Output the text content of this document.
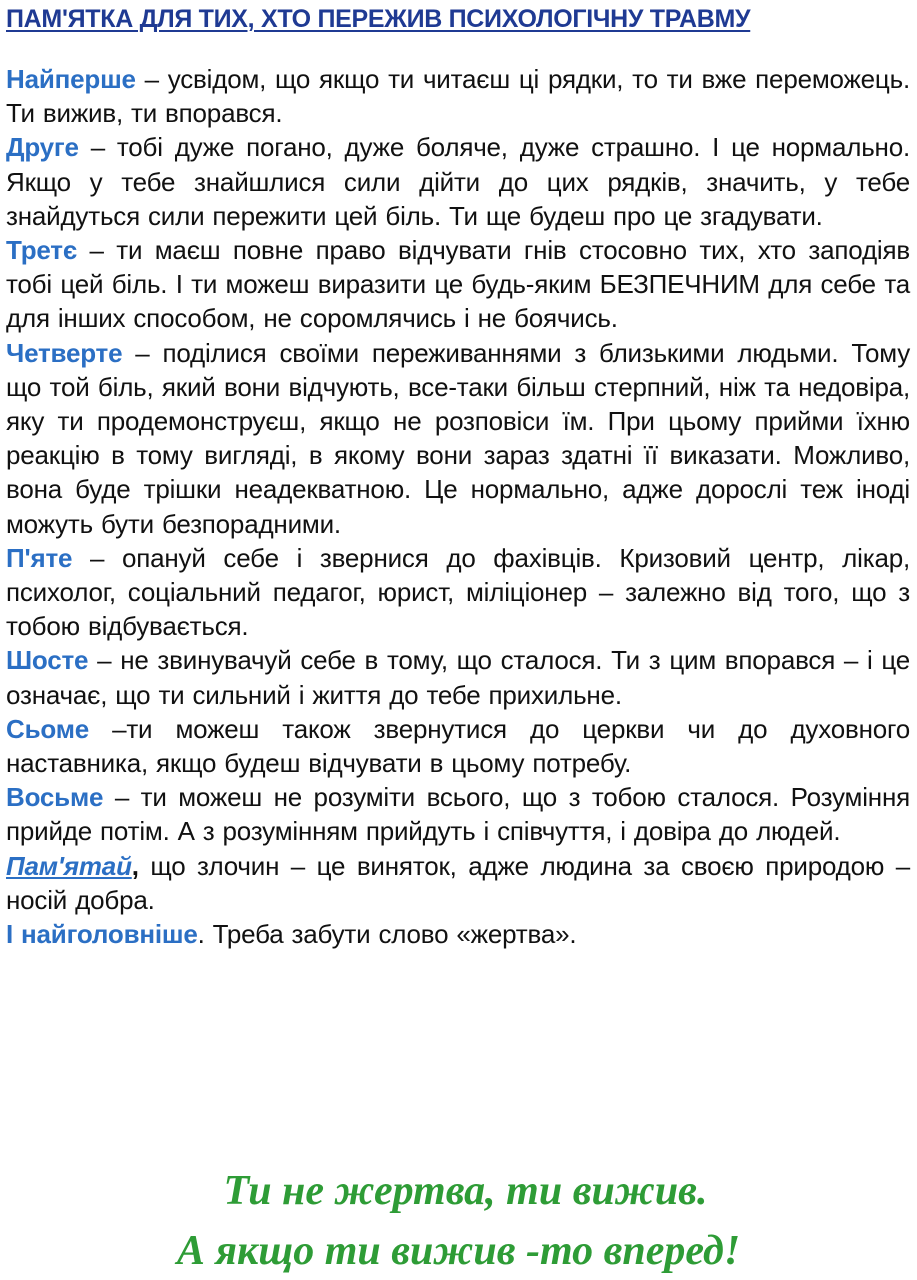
ПАМ'ЯТКА ДЛЯ ТИХ, ХТО ПЕРЕЖИВ ПСИХОЛОГІЧНУ ТРАВМУ

Найперше – усвідом, що якщо ти читаєш ці рядки, то ти вже переможець. Ти вижив, ти впорався.

Друге – тобі дуже погано, дуже боляче, дуже страшно. І це нормально. Якщо у тебе знайшлися сили дійти до цих рядків, значить, у тебе знайдуться сили пережити цей біль. Ти ще будеш про це згадувати.

Третє – ти маєш повне право відчувати гнів стосовно тих, хто заподіяв тобі цей біль. І ти можеш виразити це будь-яким БЕЗПЕЧНИМ для себе та для інших способом, не соромлячись і не боячись.

Четверте – поділися своїми переживаннями з близькими людьми. Тому що той біль, який вони відчують, все-таки більш стерпний, ніж та недовіра, яку ти продемонструєш, якщо не розповіси їм. При цьому прийми їхню реакцію в тому вигляді, в якому вони зараз здатні її виказати. Можливо, вона буде трішки неадекватною. Це нормально, адже дорослі теж іноді можуть бути безпорадними.

П'яте – опануй себе і звернися до фахівців. Кризовий центр, лікар, психолог, соціальний педагог, юрист, міліціонер – залежно від того, що з тобою відбувається.

Шосте – не звинувачуй себе в тому, що сталося. Ти з цим впорався – і це означає, що ти сильний і життя до тебе прихильне.

Сьоме –ти можеш також звернутися до церкви чи до духовного наставника, якщо будеш відчувати в цьому потребу.

Восьме – ти можеш не розуміти всього, що з тобою сталося. Розуміння прийде потім. А з розумінням прийдуть і співчуття, і довіра до людей.

Пам'ятай, що злочин – це виняток, адже людина за своєю природою – носій добра.

І найголовніше. Треба забути слово «жертва».

Ти не жертва, ти вижив.

А якщо ти вижив -то вперед!
